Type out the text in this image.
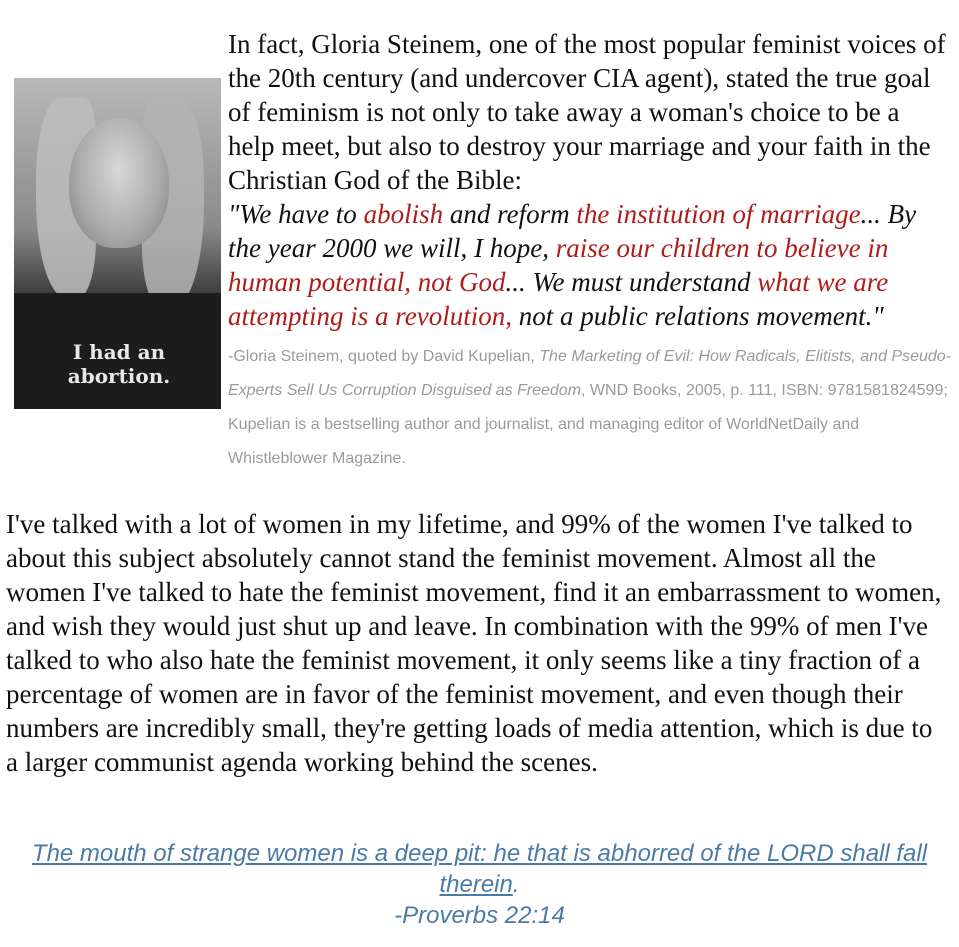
I had an abortion.

In fact, Gloria Steinem, one of the most popular feminist voices of the 20th century (and undercover CIA agent), stated the true goal of feminism is not only to take away a woman's choice to be a help meet, but also to destroy your marriage and your faith in the Christian God of the Bible:

"We have to abolish and reform the institution of marriage... By the year 2000 we will, I hope, raise our children to believe in human potential, not God... We must understand what we are attempting is a revolution, not a public relations movement."

-Gloria Steinem, quoted by David Kupelian, The Marketing of Evil: How Radicals, Elitists, and Pseudo-Experts Sell Us Corruption Disguised as Freedom, WND Books, 2005, p. 111, ISBN: 9781581824599; Kupelian is a bestselling author and journalist, and managing editor of WorldNetDaily and Whistleblower Magazine.

I've talked with a lot of women in my lifetime, and 99% of the women I've talked to about this subject absolutely cannot stand the feminist movement. Almost all the women I've talked to hate the feminist movement, find it an embarrassment to women, and wish they would just shut up and leave. In combination with the 99% of men I've talked to who also hate the feminist movement, it only seems like a tiny fraction of a percentage of women are in favor of the feminist movement, and even though their numbers are incredibly small, they're getting loads of media attention, which is due to a larger communist agenda working behind the scenes.

The mouth of strange women is a deep pit: he that is abhorred of the LORD shall fall therein.
-Proverbs 22:14
